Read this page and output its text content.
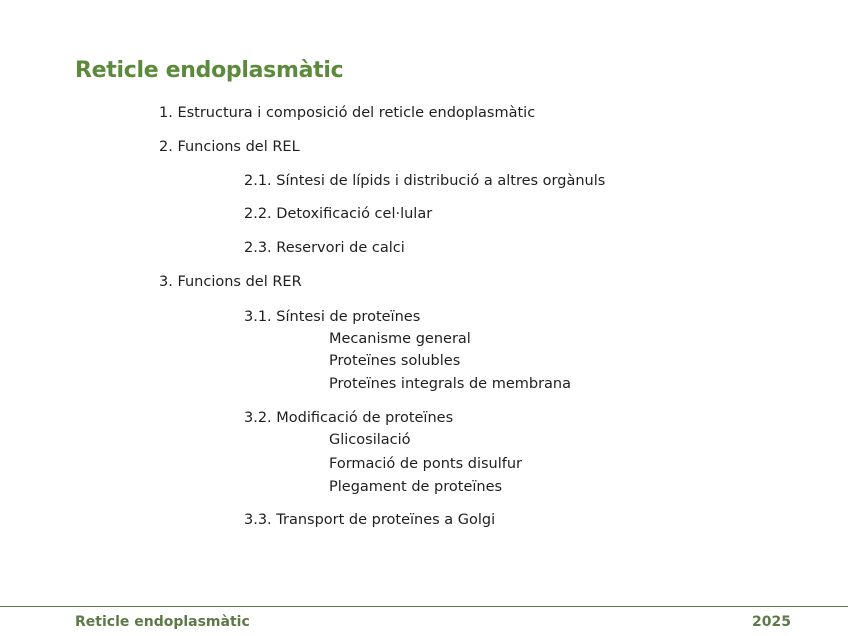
Reticle endoplasmàtic
1. Estructura i composició del reticle endoplasmàtic
2. Funcions del REL
2.1. Síntesi de lípids i distribució a altres orgànuls
2.2. Detoxificació cel·lular
2.3. Reservori de calci
3. Funcions del RER
3.1. Síntesi de proteïnes
Mecanisme general
Proteïnes solubles
Proteïnes integrals de membrana
3.2. Modificació de proteïnes
Glicosilació
Formació de ponts disulfur
Plegament de proteïnes
3.3. Transport de proteïnes a Golgi
Reticle endoplasmàtic	2025
